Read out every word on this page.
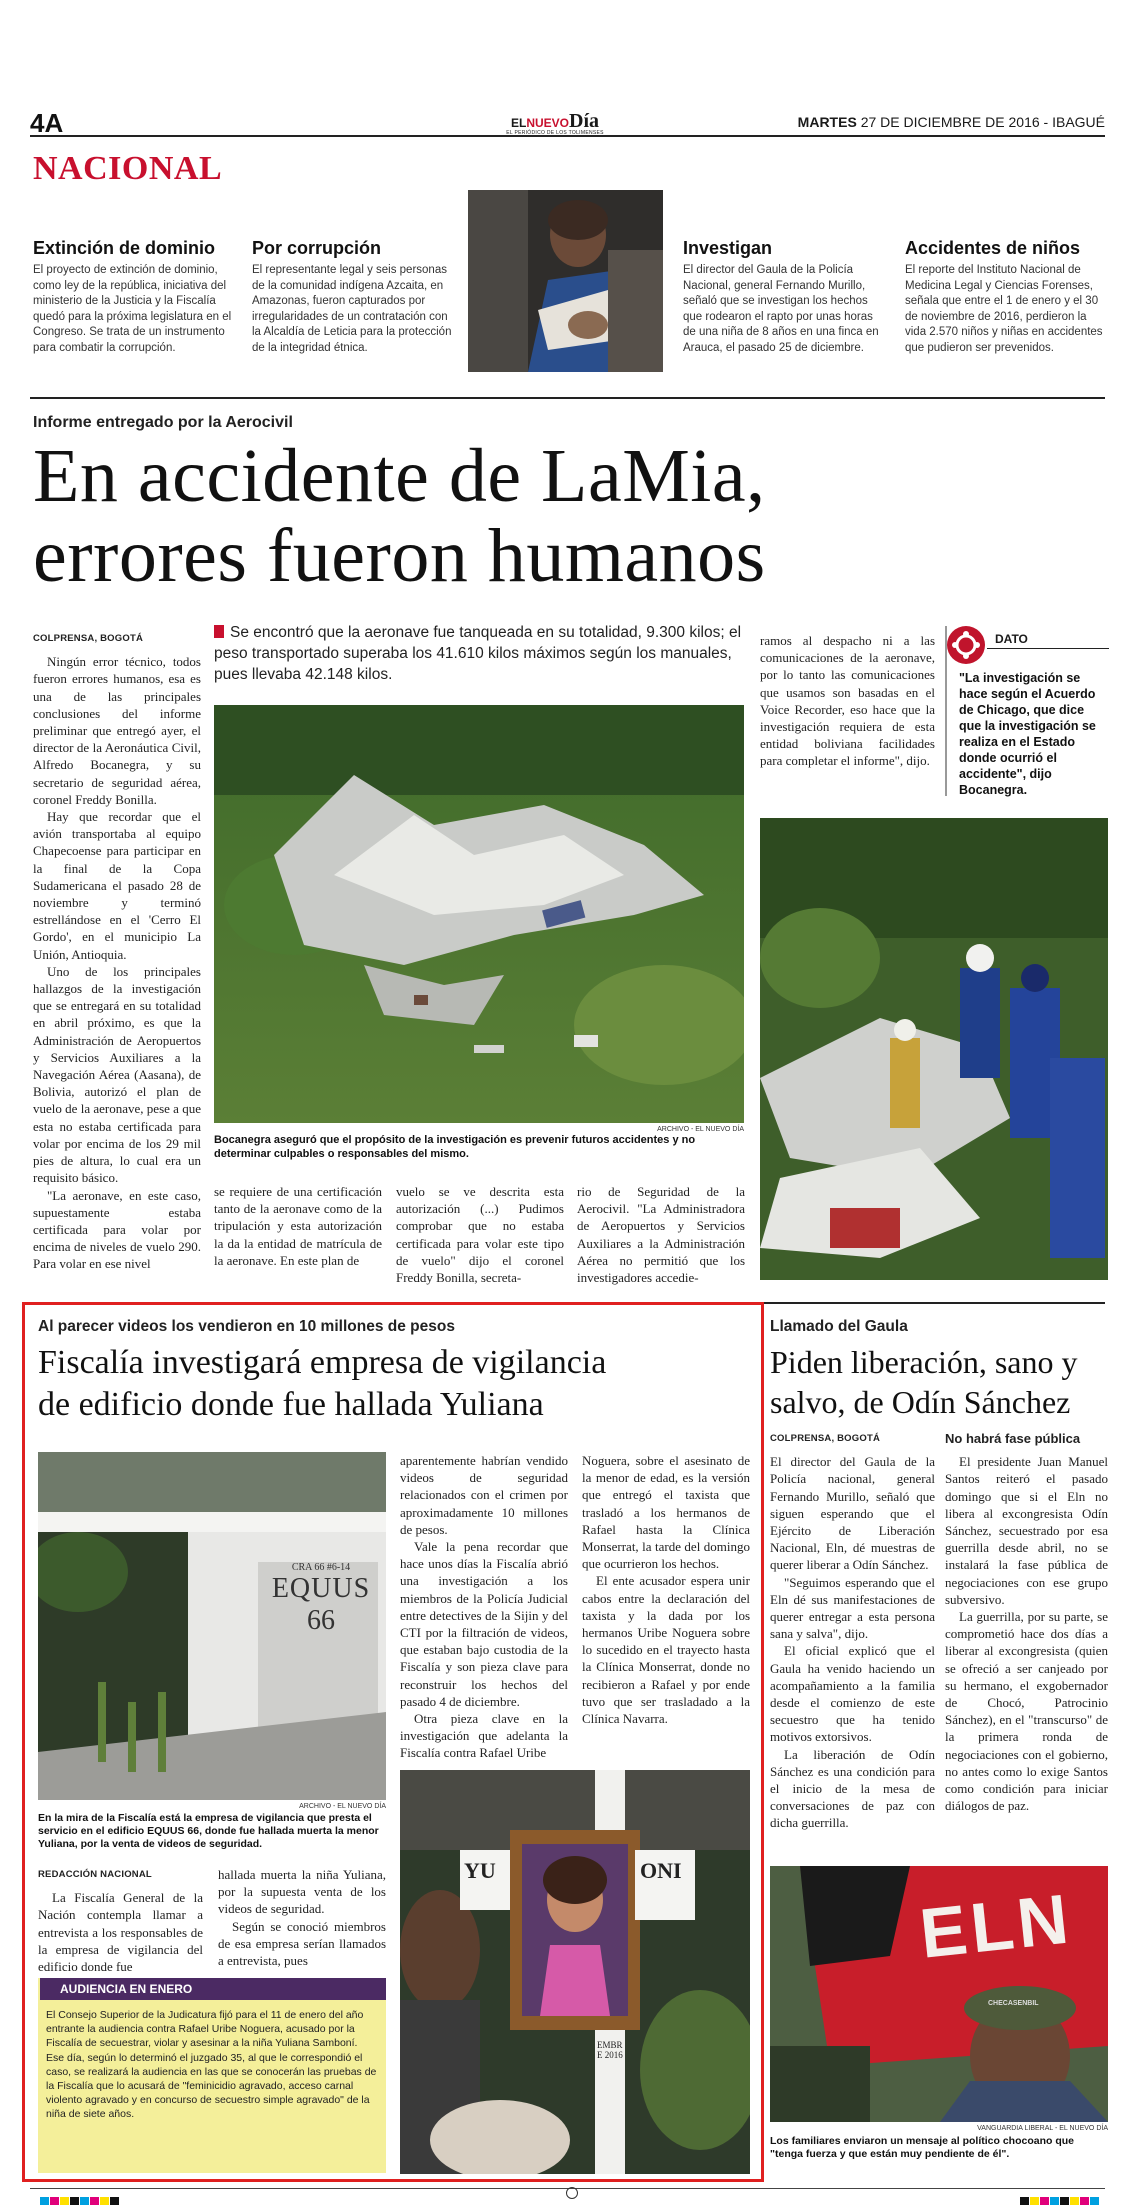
4A	ELNUEVODía
EL PERIÓDICO DE LOS TOLIMENSES
MARTES 27 DE DICIEMBRE DE 2016 - IBAGUÉ
NACIONAL
Extinción de dominio
El proyecto de extinción de dominio, como ley de la república, iniciativa del ministerio de la Justicia y la Fiscalía quedó para la próxima legislatura en el Congreso. Se trata de un instrumento para combatir la corrupción.
Por corrupción
El representante legal y seis personas de la comunidad indígena Azcaita, en Amazonas, fueron capturados por irregularidades de un contratación con la Alcaldía de Leticia para la protección de la integridad étnica.
Investigan
El director del Gaula de la Policía Nacional, general Fernando Murillo, señaló que se investigan los hechos que rodearon el rapto por unas horas de una niña de 8 años en una finca en Arauca, el pasado 25 de diciembre.
Accidentes de niños
El reporte del Instituto Nacional de Medicina Legal y Ciencias Forenses, señala que entre el 1 de enero y el 30 de noviembre de 2016, perdieron la vida 2.570 niños y niñas en accidentes que pudieron ser prevenidos.
Informe entregado por la Aerocivil
En accidente de LaMia,
errores fueron humanos
COLPRENSA, BOGOTÁ

Ningún error técnico, todos fueron errores humanos, esa es una de las principales conclusiones del informe preliminar que entregó ayer, el director de la Aeronáutica Civil, Alfredo Bocanegra, y su secretario de seguridad aérea, coronel Freddy Bonilla.

Hay que recordar que el avión transportaba al equipo Chapecoense para participar en la final de la Copa Sudamericana el pasado 28 de noviembre y terminó estrellándose en el 'Cerro El Gordo', en el municipio La Unión, Antioquia.

Uno de los principales hallazgos de la investigación que se entregará en su totalidad en abril próximo, es que la Administración de Aeropuertos y Servicios Auxiliares a la Navegación Aérea (Aasana), de Bolivia, autorizó el plan de vuelo de la aeronave, pese a que esta no estaba certificada para volar por encima de los 29 mil pies de altura, lo cual era un requisito básico.

"La aeronave, en este caso, supuestamente estaba certificada para volar por encima de niveles de vuelo 290. Para volar en ese nivel

Se encontró que la aeronave fue tanqueada en su totalidad, 9.300 kilos; el peso transportado superaba los 41.610 kilos máximos según los manuales, pues llevaba 42.148 kilos.
ARCHIVO - EL NUEVO DÍA
Bocanegra aseguró que el propósito de la investigación es prevenir futuros accidentes y no determinar culpables o responsables del mismo.
se requiere de una certificación tanto de la aeronave como de la tripulación y esta autorización la da la entidad de matrícula de la aeronave. En este plan de
vuelo se ve descrita esta autorización (...) Pudimos comprobar que no estaba certificada para volar este tipo de vuelo" dijo el coronel Freddy Bonilla, secreta-
rio de Seguridad de la Aerocivil. "La Administradora de Aeropuertos y Servicios Auxiliares a la Administración Aérea no permitió que los investigadores accedie-
ramos al despacho ni a las comunicaciones de la aeronave, por lo tanto las comunicaciones que usamos son basadas en el Voice Recorder, eso hace que la investigación requiera de esta entidad boliviana facilidades para completar el informe", dijo.
DATO
"La investigación se hace según el Acuerdo de Chicago, que dice que la investigación se realiza en el Estado donde ocurrió el accidente", dijo Bocanegra.
Al parecer videos los vendieron en 10 millones de pesos
Fiscalía investigará empresa de vigilancia
de edificio donde fue hallada Yuliana
CRA 66 #6-14
EQUUS
66
ARCHIVO - EL NUEVO DÍA
En la mira de la Fiscalía está la empresa de vigilancia que presta el servicio en el edificio EQUUS 66, donde fue hallada muerta la menor Yuliana, por la venta de videos de seguridad.
REDACCIÓN NACIONAL

La Fiscalía General de la Nación contempla llamar a entrevista a los responsables de la empresa de vigilancia del edificio donde fue

hallada muerta la niña Yuliana, por la supuesta venta de los videos de seguridad.

Según se conoció miembros de esa empresa serían llamados a entrevista, pues

AUDIENCIA EN ENERO
El Consejo Superior de la Judicatura fijó para el 11 de enero del año entrante la audiencia contra Rafael Uribe Noguera, acusado por la Fiscalía de secuestrar, violar y asesinar a la niña Yuliana Samboní. Ese día, según lo determinó el juzgado 35, al que le correspondió el caso, se realizará la audiencia en las que se conocerán las pruebas de la Fiscalía que lo acusará de "feminicidio agravado, acceso carnal violento agravado y en concurso de secuestro simple agravado" de la niña de siete años.
aparentemente habrían vendido videos de seguridad relacionados con el crimen por aproximadamente 10 millones de pesos.

Vale la pena recordar que hace unos días la Fiscalía abrió una investigación a los miembros de la Policía Judicial entre detectives de la Sijin y del CTI por la filtración de videos, que estaban bajo custodia de la Fiscalía y son pieza clave para reconstruir los hechos del pasado 4 de diciembre.

Otra pieza clave en la investigación que adelanta la Fiscalía contra Rafael Uribe

Noguera, sobre el asesinato de la menor de edad, es la versión que entregó el taxista que trasladó a los hermanos de Rafael hasta la Clínica Monserrat, la tarde del domingo que ocurrieron los hechos.

El ente acusador espera unir cabos entre la declaración del taxista y la dada por los hermanos Uribe Noguera sobre lo sucedido en el trayecto hasta la Clínica Monserrat, donde no recibieron a Rafael y por ende tuvo que ser trasladado a la Clínica Navarra.

YU	ONI
EMBRE 2016
Llamado del Gaula
Piden liberación, sano y
salvo, de Odín Sánchez
COLPRENSA, BOGOTÁ
El director del Gaula de la Policía nacional, general Fernando Murillo, señaló que siguen esperando que el Ejército de Liberación Nacional, Eln, dé muestras de querer liberar a Odín Sánchez.

"Seguimos esperando que el Eln dé sus manifestaciones de querer entregar a esta persona sana y salva", dijo.

El oficial explicó que el Gaula ha venido haciendo un acompañamiento a la familia desde el comienzo de este secuestro que ha tenido motivos extorsivos.

La liberación de Odín Sánchez es una condición para el inicio de la mesa de conversaciones de paz con dicha guerrilla.

No habrá fase pública

El presidente Juan Manuel Santos reiteró el pasado domingo que si el Eln no libera al excongresista Odín Sánchez, secuestrado por esa guerrilla desde abril, no se instalará la fase pública de negociaciones con ese grupo subversivo.

La guerrilla, por su parte, se comprometió hace dos días a liberar al excongresista (quien se ofreció a ser canjeado por su hermano, el exgobernador de Chocó, Patrocinio Sánchez), en el "transcurso" de la primera ronda de negociaciones con el gobierno, no antes como lo exige Santos como condición para iniciar diálogos de paz.

ELN
CHECASENBIL
VANGUARDIA LIBERAL - EL NUEVO DÍA
Los familiares enviaron un mensaje al político chocoano que "tenga fuerza y que están muy pendiente de él".
